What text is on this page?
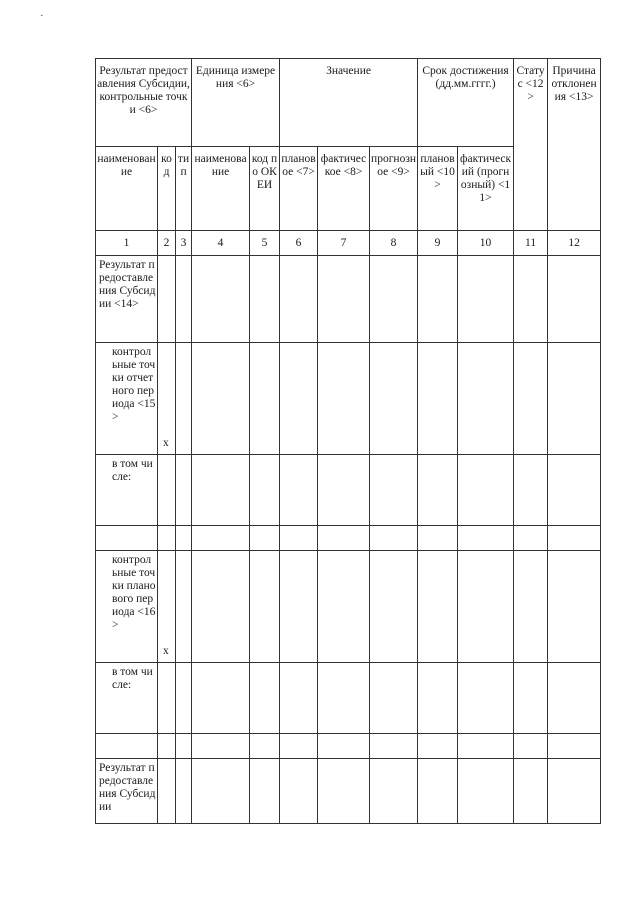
·
Результат предоставления Субсидии, контрольные точки <6>			Единица измерения <6>		Значение			Срок достижения (дд.мм.гггг.)		Статус <12>	Причина отклонения <13>
наименование	код	тип	наименование	код по ОКЕИ	плановое <7>	фактическое <8>	прогнозное <9>	плановый <10>	фактический (прогнозный) <11>		
1	2	3	4	5	6	7	8	9	10	11	12
Результат предоставления Субсидии <14>											
контрольные точки отчетного периода <15>	x										
в том числе:											

контрольные точки планового периода <16>	x										
в том числе:											

Результат предоставления Субсидии											
